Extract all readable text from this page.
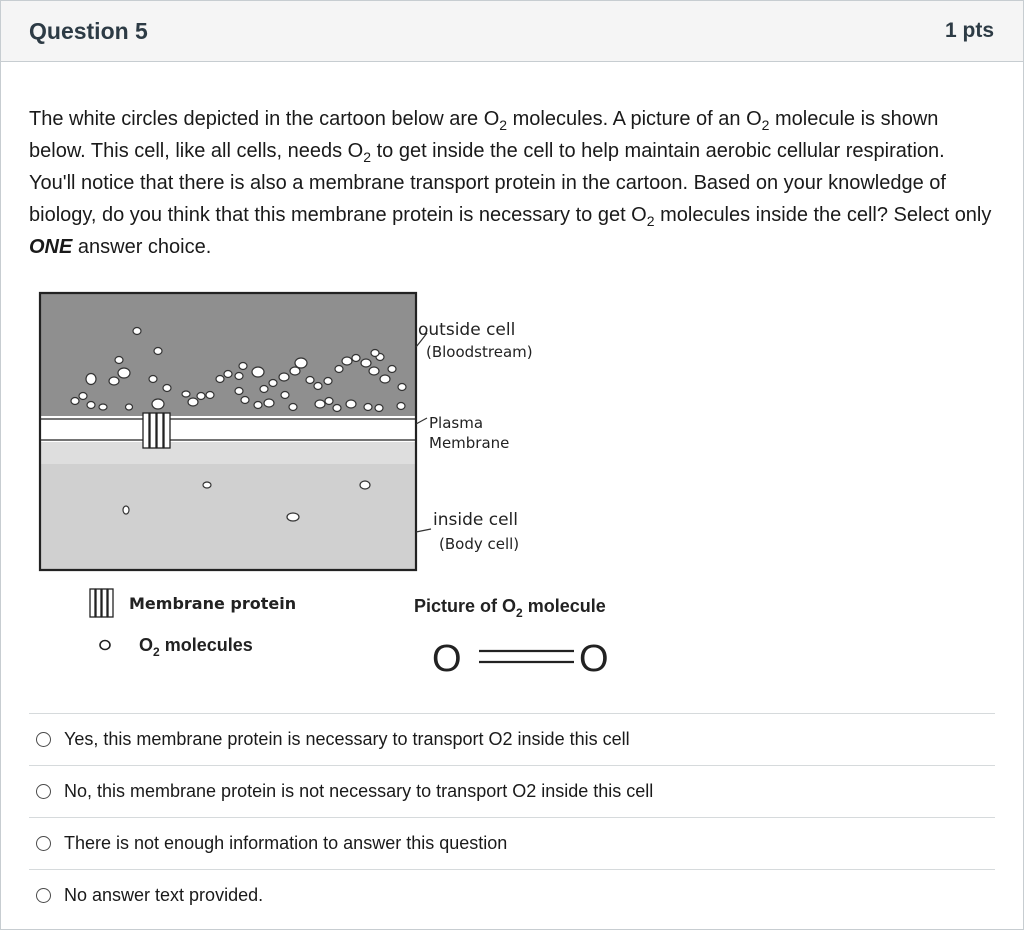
Question 5	1 pts
The white circles depicted in the cartoon below are $O_2$ molecules. A picture of an $O_2$ molecule is shown below. This cell, like all cells, needs $O_2$ to get inside the cell to help maintain aerobic cellular respiration. You'll notice that there is also a membrane transport protein in the cartoon. Based on your knowledge of biology, do you think that this membrane protein is necessary to get $O_2$ molecules inside the cell? Select only ONE answer choice.
outside cell
(Bloodstream)
Plasma
Membrane
inside cell
(Body cell)
Membrane protein
$O_2$ molecules
Picture of $O_2$ molecule
O	O
Yes, this membrane protein is necessary to transport O2 inside this cell
No, this membrane protein is not necessary to transport O2 inside this cell
There is not enough information to answer this question
No answer text provided.
